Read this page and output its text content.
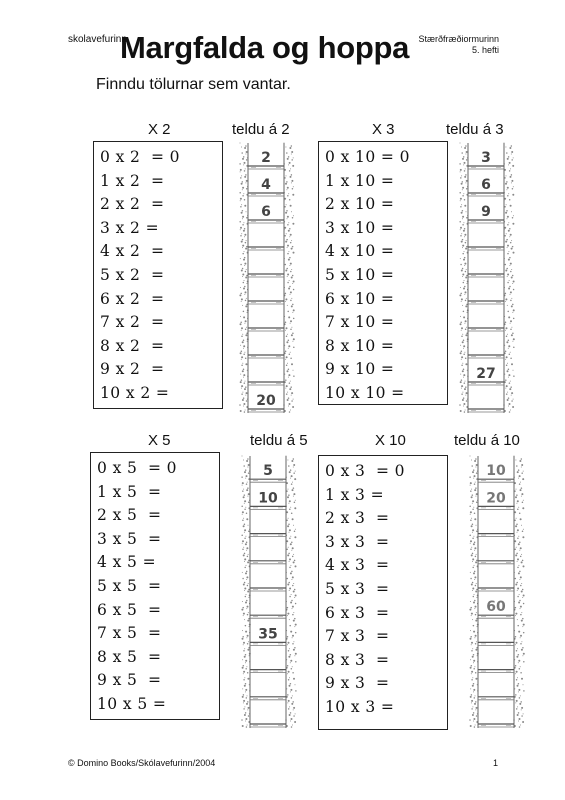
skolavefurinn	Stærðfræðiormurinn
5. hefti
Margfalda og hoppa
Finndu tölurnar sem vantar.
X 2	teldu á 2
0 x 2  = 0
1 x 2  =
2 x 2  =
3 x 2 =
4 x 2  =
5 x 2  =
6 x 2  =
7 x 2  =
8 x 2  =
9 x 2  =
10 x 2 =
2
4
6
20
X 3	teldu á 3
0 x 10 = 0
1 x 10 =
2 x 10 =
3 x 10 =
4 x 10 =
5 x 10 =
6 x 10 =
7 x 10 =
8 x 10 =
9 x 10 =
10 x 10 =
3
6
9
27
X 5	teldu á 5
0 x 5  = 0
1 x 5  =
2 x 5  =
3 x 5  =
4 x 5 =
5 x 5  =
6 x 5  =
7 x 5  =
8 x 5  =
9 x 5  =
10 x 5 =
5
10
35
X 10	teldu á 10
0 x 3  = 0
1 x 3 =
2 x 3  =
3 x 3  =
4 x 3  =
5 x 3  =
6 x 3  =
7 x 3  =
8 x 3  =
9 x 3  =
10 x 3 =
10
20
60
© Domino Books/Skólavefurinn/2004	1
